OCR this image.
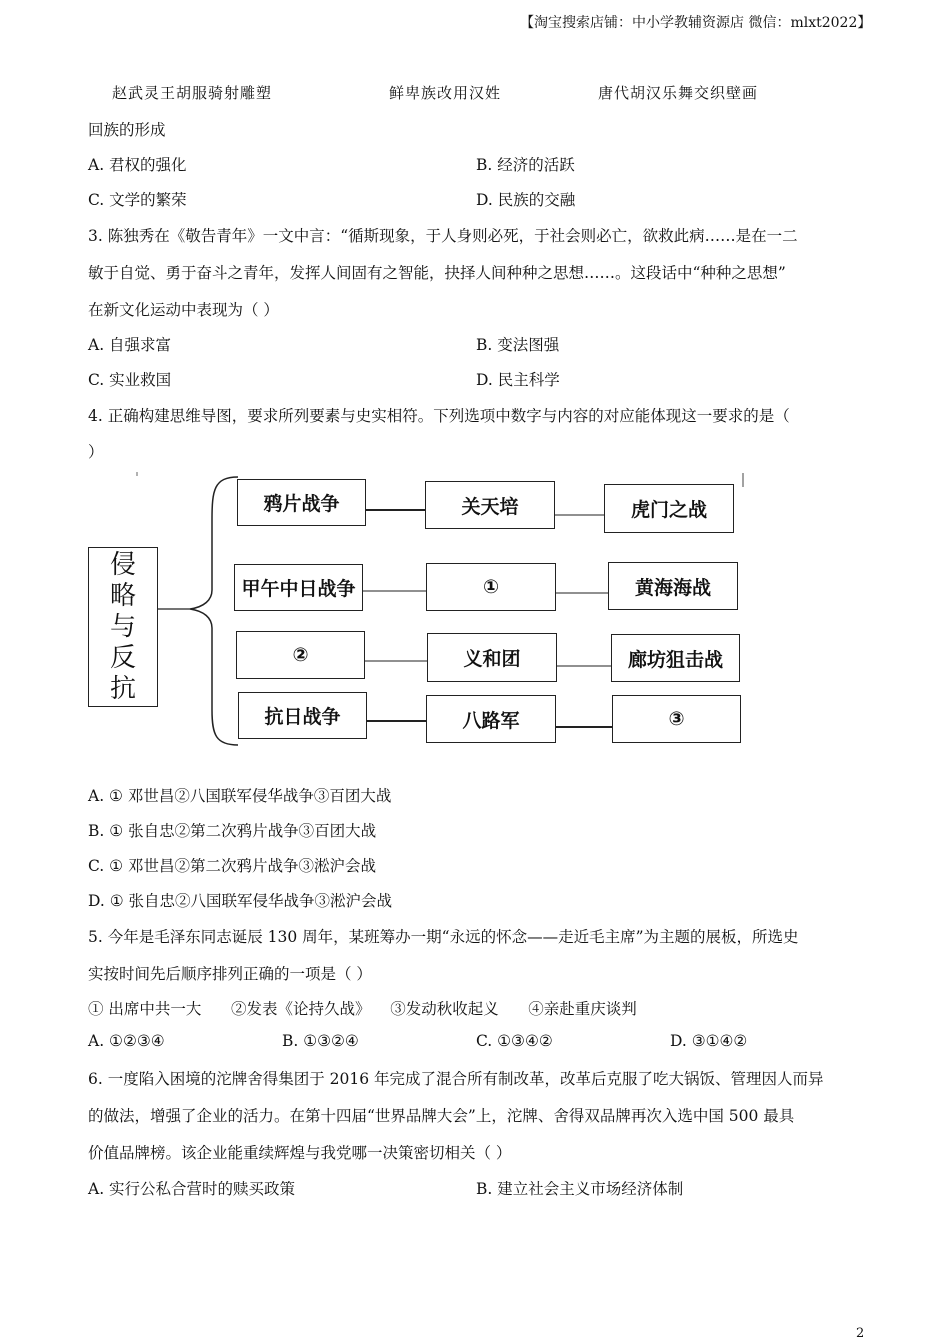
【淘宝搜索店铺：中小学教辅资源店 微信：mlxt2022】
赵武灵王胡服骑射雕塑	鲜卑族改用汉姓	唐代胡汉乐舞交织壁画
回族的形成
A. 君权的强化	B. 经济的活跃
C. 文学的繁荣	D. 民族的交融
3. 陈独秀在《敬告青年》一文中言：“循斯现象，于人身则必死，于社会则必亡，欲救此病……是在一二
敏于自觉、勇于奋斗之青年，发挥人间固有之智能，抉择人间种种之思想……。这段话中“种种之思想”
在新文化运动中表现为（ ）
A. 自强求富	B. 变法图强
C. 实业救国	D. 民主科学
4. 正确构建思维导图，要求所列要素与史实相符。下列选项中数字与内容的对应能体现这一要求的是（
）
侵
略
与
反
抗
鸦片战争	关天培	虎门之战
甲午中日战争	①	黄海海战
②	义和团	廊坊狙击战
抗日战争	八路军	③
A. ① 邓世昌②八国联军侵华战争③百团大战
B. ① 张自忠②第二次鸦片战争③百团大战
C. ① 邓世昌②第二次鸦片战争③淞沪会战
D. ① 张自忠②八国联军侵华战争③淞沪会战
5. 今年是毛泽东同志诞辰 130 周年，某班筹办一期“永远的怀念——走近毛主席”为主题的展板，所选史
实按时间先后顺序排列正确的一项是（ ）
① 出席中共一大      ②发表《论持久战》    ③发动秋收起义      ④亲赴重庆谈判
A. ①②③④	B. ①③②④	C. ①③④②	D. ③①④②
6. 一度陷入困境的沱牌舍得集团于 2016 年完成了混合所有制改革，改革后克服了吃大锅饭、管理因人而异
的做法，增强了企业的活力。在第十四届“世界品牌大会”上，沱牌、舍得双品牌再次入选中国 500 最具
价值品牌榜。该企业能重续辉煌与我党哪一决策密切相关（ ）
A. 实行公私合营时的赎买政策	B. 建立社会主义市场经济体制
2
